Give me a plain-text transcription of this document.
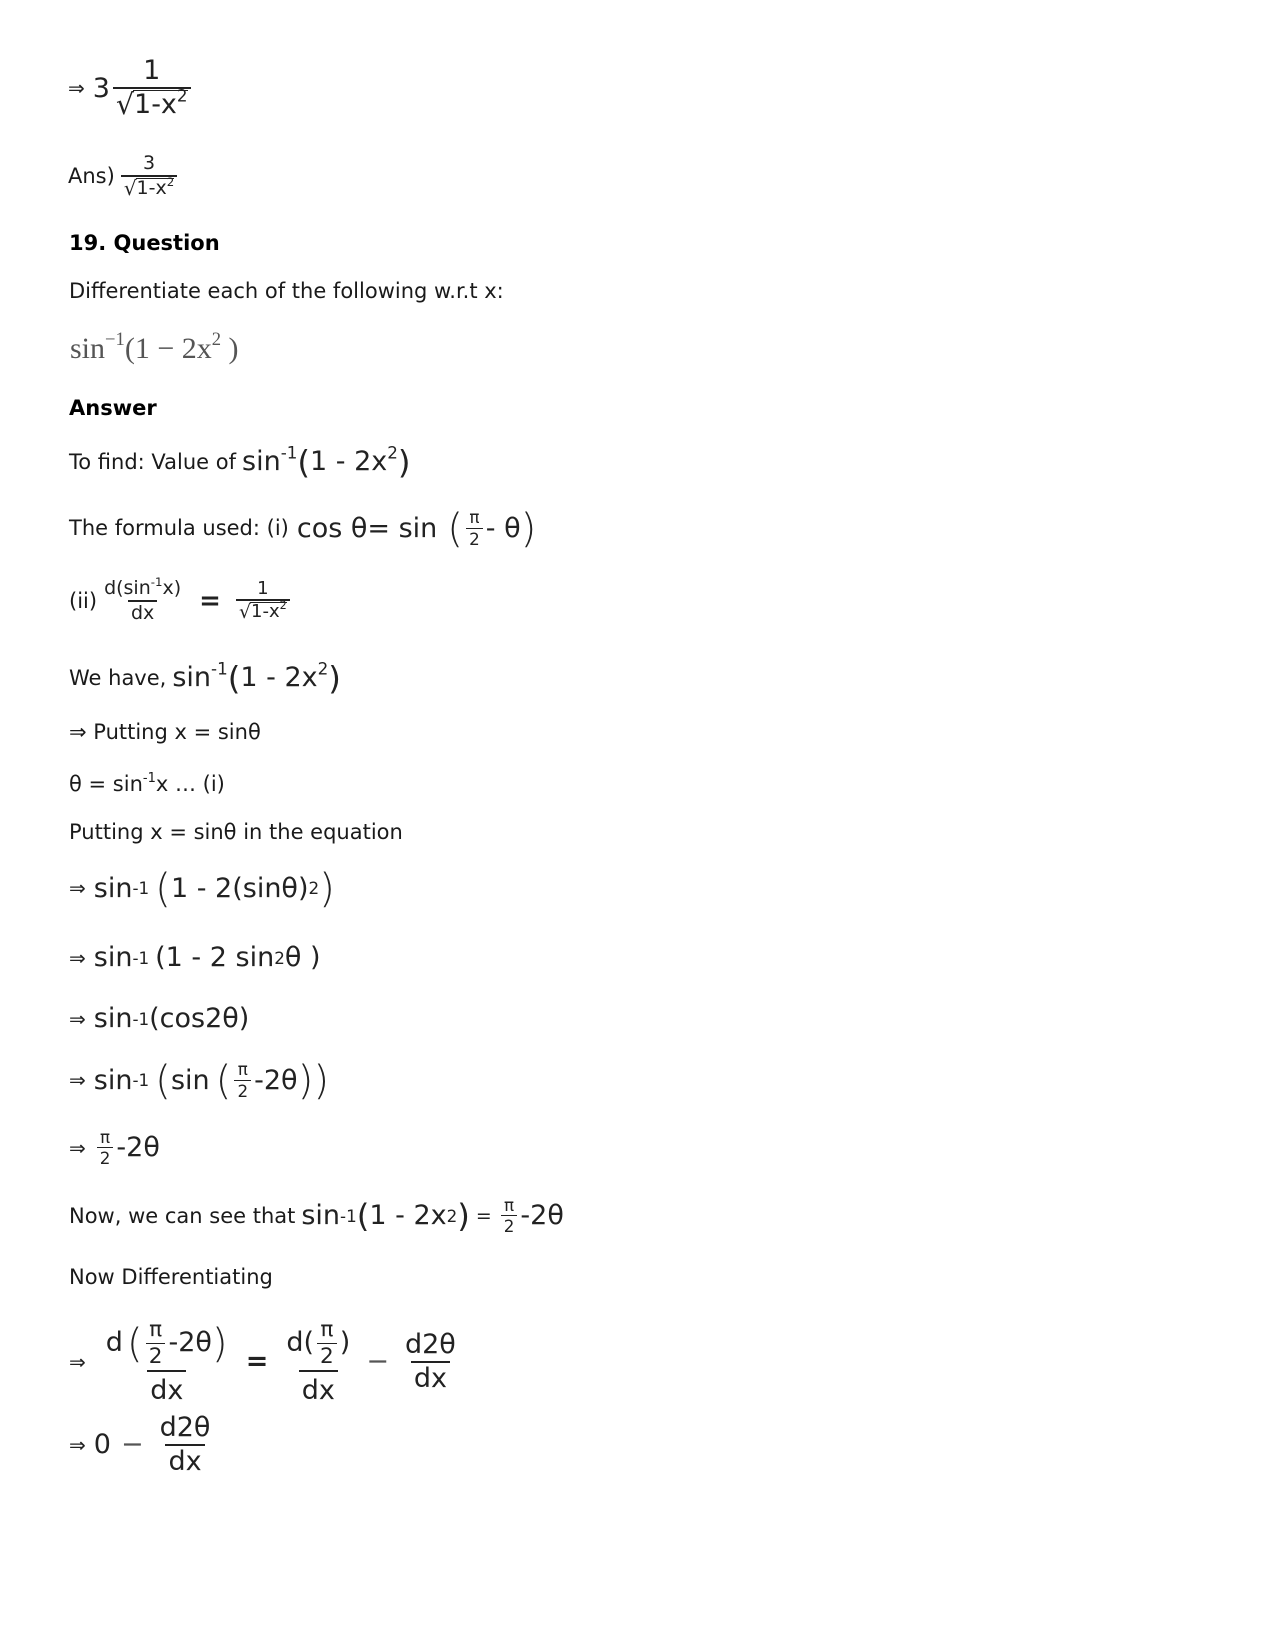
⇒ $3 \frac{1}{√ 1-x^2}$
$Ans) \frac{3}{√ 1-x^2}$
19. Question
Differentiate each of the following w.r.t x:
$\sin^{-1}(1 - 2x^2$ )
Answer
To find: Value of $\sin^{-1}(1 - 2x^2)$
The formula used: (i) cos θ= sin ( $\frac{\pi}{2}$ - θ )
$(ii) \frac{d(\sin^{-1}x)}{dx} = \frac{1}{√ 1-x^2}$
We have, $\sin^{-1}(1 - 2x^2)$
⇒ Putting x = sinθ
$\theta = \sin^{-1}x$ … (i)
Putting x = sinθ in the equation
⇒ sin -1 ( 1 - 2(sinθ) 2 )
⇒ sin -1 (1 - 2 sin 2 θ )
⇒ sin -1 (cos2θ)
⇒ sin -1 ( sin ( $\frac{\pi}{2} -2\theta$ ) )
⇒ $\frac{\pi}{2} -2\theta$
Now, we can see that sin -1 ( 1 - 2x 2 ) = $\frac{\pi}{2} -2\theta$
Now Differentiating
⇒ $\frac{d ( \frac{\pi}{2} -2\theta )}{dx} = \frac{d( \frac{\pi}{2} )}{dx} - \frac{d2\theta}{dx}$
⇒ $0 - \frac{d2\theta}{dx}$
